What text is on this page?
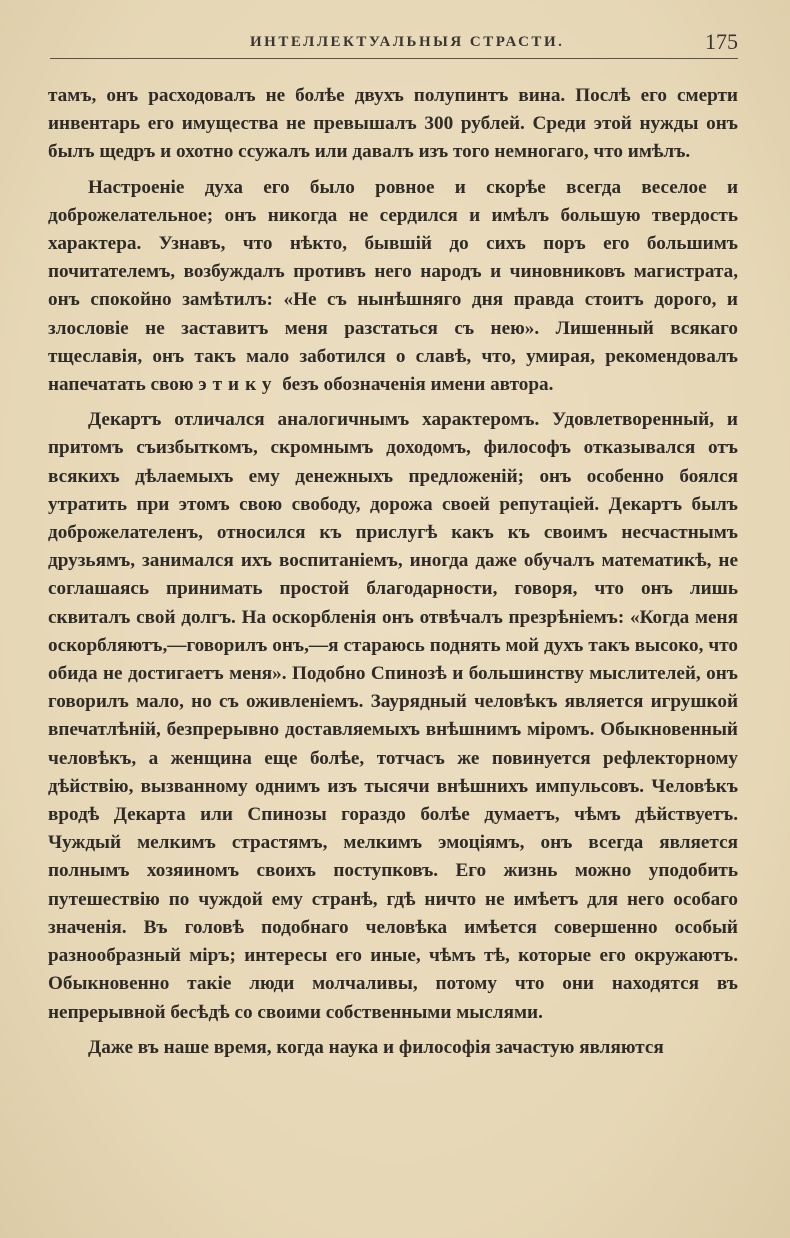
ИНТЕЛЛЕКТУАЛЬНЫЯ СТРАСТИ.	175

тамъ, онъ расходовалъ не болѣе двухъ полупинтъ вина. Послѣ его смерти инвентарь его имущества не превышалъ 300 рублей. Среди этой нужды онъ былъ щедръ и охотно ссужалъ или давалъ изъ того немногаго, что имѣлъ.

Настроеніе духа его было ровное и скорѣе всегда веселое и доброжелательное; онъ никогда не сердился и имѣлъ большую твердость характера. Узнавъ, что нѣкто, бывшій до сихъ поръ его большимъ почитателемъ, возбуждалъ противъ него народъ и чиновниковъ магистрата, онъ спокойно замѣтилъ: «Не съ нынѣшняго дня правда стоитъ дорого, и злословіе не заставитъ меня разстаться съ нею». Лишенный всякаго тщеславія, онъ такъ мало заботился о славѣ, что, умирая, рекомендовалъ напечатать свою этику безъ обозначенія имени автора.

Декартъ отличался аналогичнымъ характеромъ. Удовлетворенный, и притомъ съизбыткомъ, скромнымъ доходомъ, философъ отказывался отъ всякихъ дѣлаемыхъ ему денежныхъ предложеній; онъ особенно боялся утратить при этомъ свою свободу, дорожа своей репутаціей. Декартъ былъ доброжелателенъ, относился къ прислугѣ какъ къ своимъ несчастнымъ друзьямъ, занимался ихъ воспитаніемъ, иногда даже обучалъ математикѣ, не соглашаясь принимать простой благодарности, говоря, что онъ лишь сквиталъ свой долгъ. На оскорбленія онъ отвѣчалъ презрѣніемъ: «Когда меня оскорбляютъ,—говорилъ онъ,—я стараюсь поднять мой духъ такъ высоко, что обида не достигаетъ меня». Подобно Спинозѣ и большинству мыслителей, онъ говорилъ мало, но съ оживленіемъ. Заурядный человѣкъ является игрушкой впечатлѣній, безпрерывно доставляемыхъ внѣшнимъ міромъ. Обыкновенный человѣкъ, а женщина еще болѣе, тотчасъ же повинуется рефлекторному дѣйствію, вызванному однимъ изъ тысячи внѣшнихъ импульсовъ. Человѣкъ вродѣ Декарта или Спинозы гораздо болѣе думаетъ, чѣмъ дѣйствуетъ. Чуждый мелкимъ страстямъ, мелкимъ эмоціямъ, онъ всегда является полнымъ хозяиномъ своихъ поступковъ. Его жизнь можно уподобить путешествію по чуждой ему странѣ, гдѣ ничто не имѣетъ для него особаго значенія. Въ головѣ подобнаго человѣка имѣется совершенно особый разнообразный міръ; интересы его иные, чѣмъ тѣ, которые его окружаютъ. Обыкновенно такіе люди молчаливы, потому что они находятся въ непрерывной бесѣдѣ со своими собственными мыслями.

Даже въ наше время, когда наука и философія зачастую являются
